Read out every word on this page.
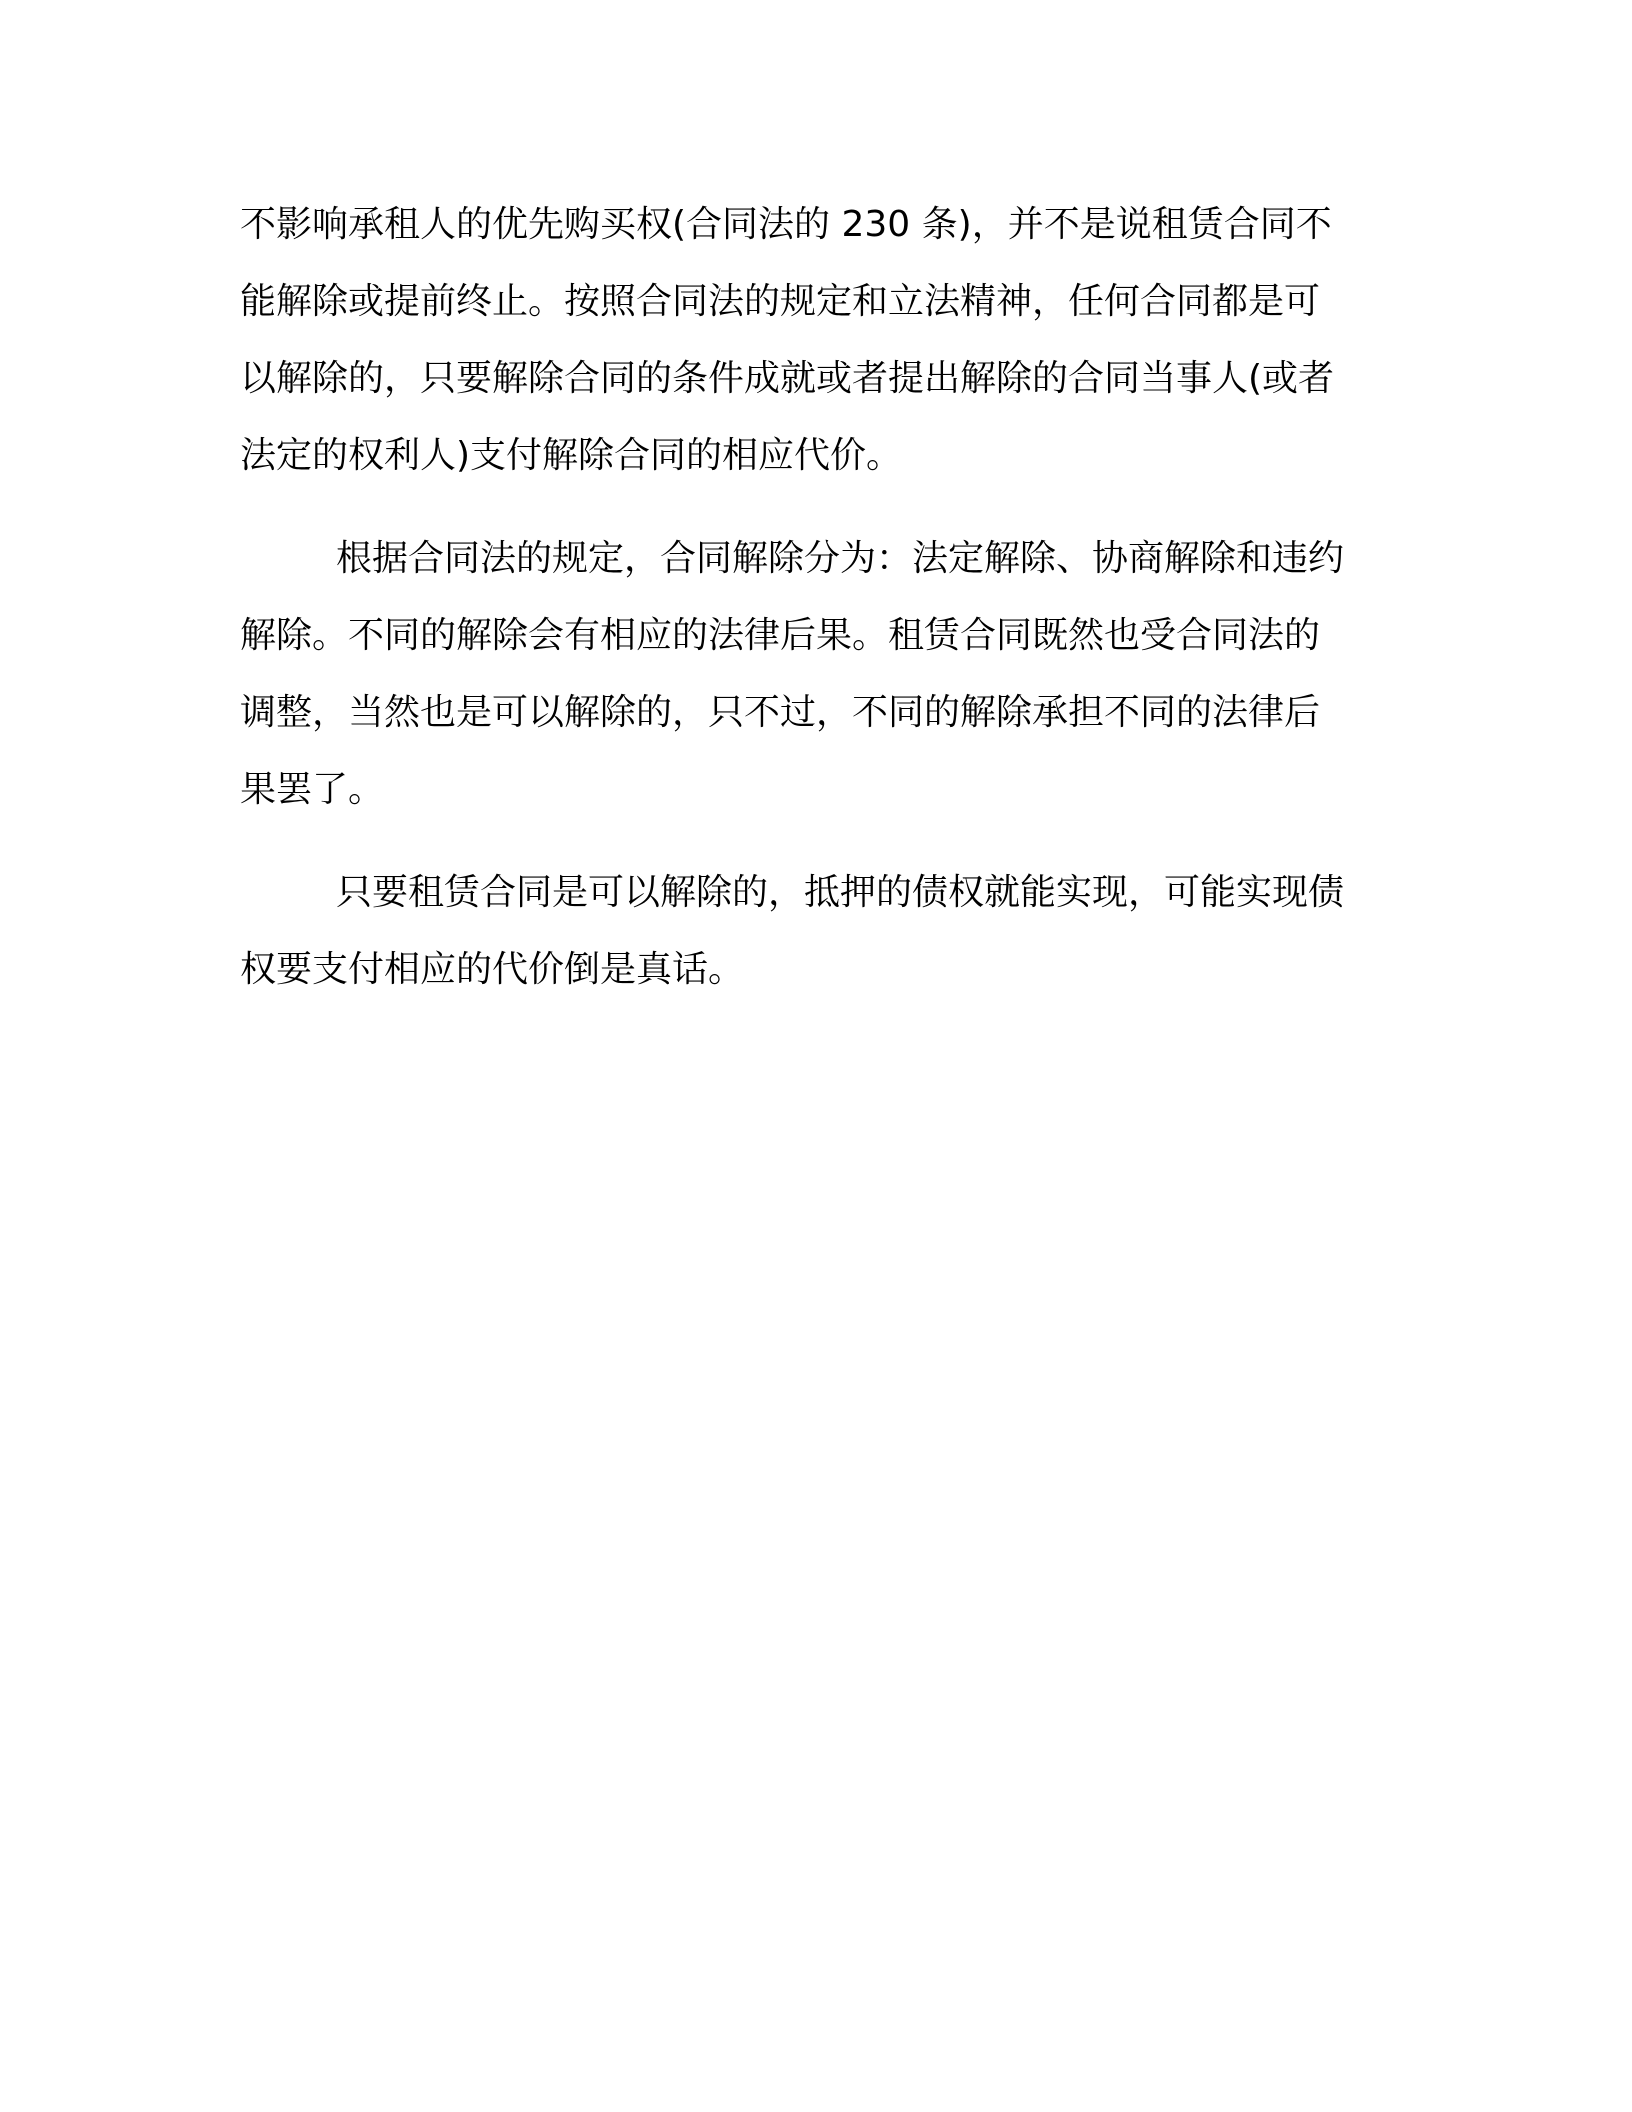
不影响承租人的优先购买权(合同法的 230 条)，并不是说租赁合同不
能解除或提前终止。按照合同法的规定和立法精神，任何合同都是可
以解除的，只要解除合同的条件成就或者提出解除的合同当事人(或者
法定的权利人)支付解除合同的相应代价。

根据合同法的规定，合同解除分为：法定解除、协商解除和违约
解除。不同的解除会有相应的法律后果。租赁合同既然也受合同法的
调整，当然也是可以解除的，只不过，不同的解除承担不同的法律后
果罢了。

只要租赁合同是可以解除的，抵押的债权就能实现，可能实现债
权要支付相应的代价倒是真话。
